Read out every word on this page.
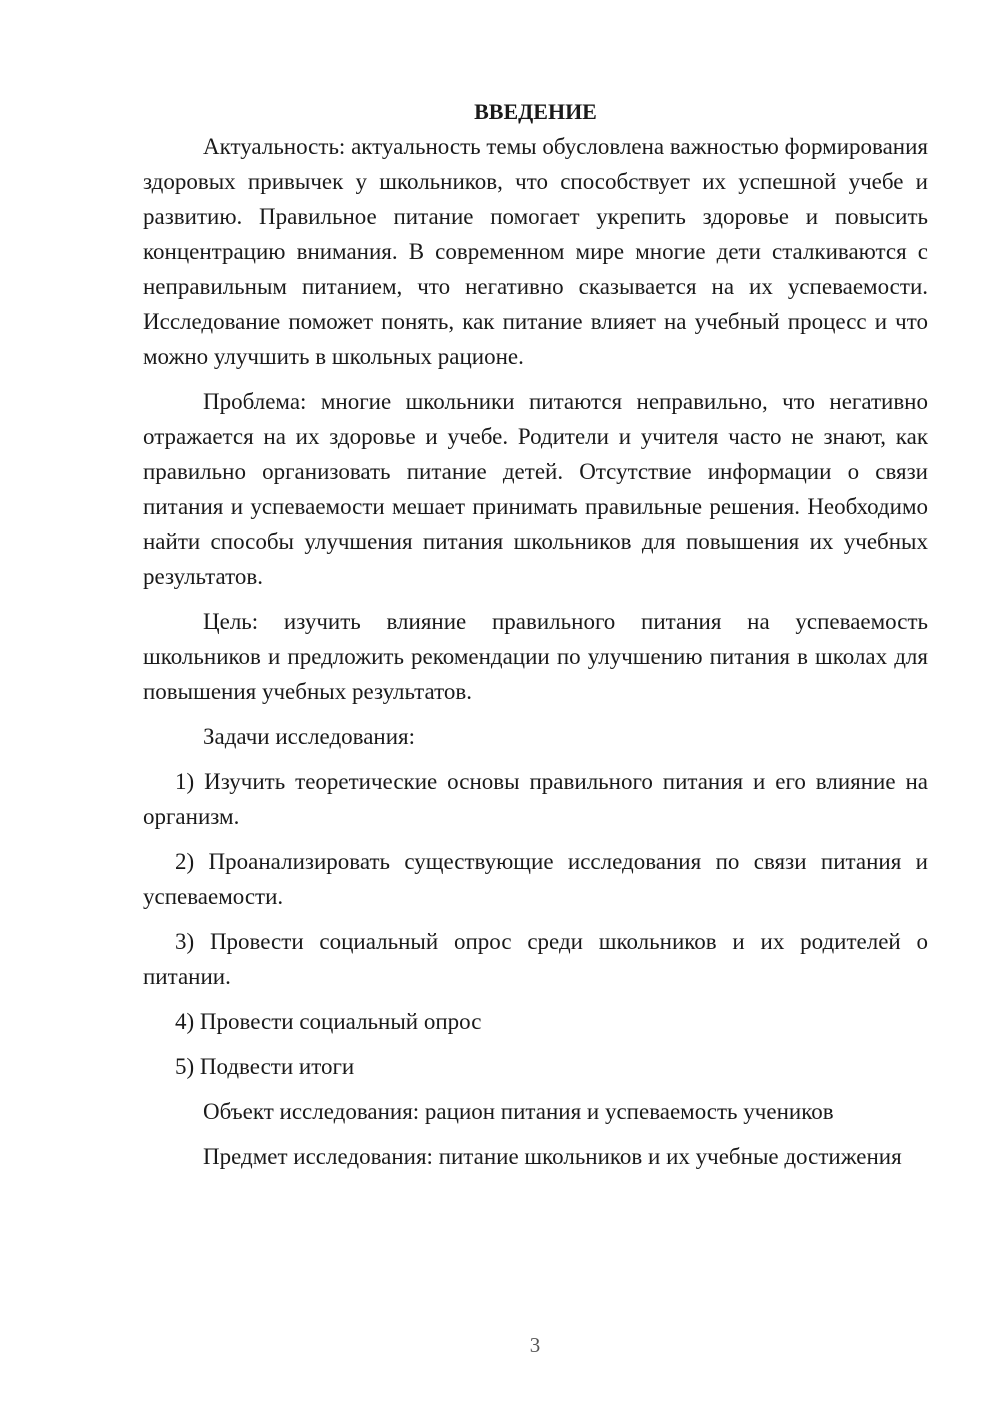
ВВЕДЕНИЕ

Актуальность: актуальность темы обусловлена важностью формирования здоровых привычек у школьников, что способствует их успешной учебе и развитию. Правильное питание помогает укрепить здоровье и повысить концентрацию внимания. В современном мире многие дети сталкиваются с неправильным питанием, что негативно сказывается на их успеваемости. Исследование поможет понять, как питание влияет на учебный процесс и что можно улучшить в школьных рационе.

Проблема: многие школьники питаются неправильно, что негативно отражается на их здоровье и учебе. Родители и учителя часто не знают, как правильно организовать питание детей. Отсутствие информации о связи питания и успеваемости мешает принимать правильные решения. Необходимо найти способы улучшения питания школьников для повышения их учебных результатов.

Цель: изучить влияние правильного питания на успеваемость школьников и предложить рекомендации по улучшению питания в школах для повышения учебных результатов.

Задачи исследования:

1) Изучить теоретические основы правильного питания и его влияние на организм.

2) Проанализировать существующие исследования по связи питания и успеваемости.

3) Провести социальный опрос среди школьников и их родителей о питании.

4) Провести социальный опрос

5) Подвести итоги

Объект исследования: рацион питания и успеваемость учеников

Предмет исследования: питание школьников и их учебные достижения

3
